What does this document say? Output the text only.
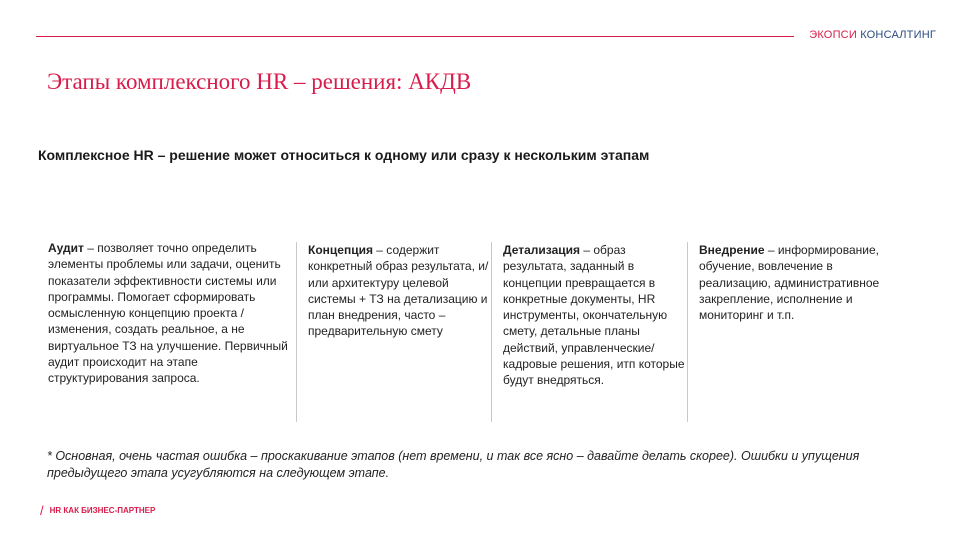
ЭКОПСИ КОНСАЛТИНГ
Этапы комплексного HR – решения: АКДВ

Комплексное HR – решение может относиться к одному или сразу к нескольким этапам

Аудит – позволяет точно определить элементы проблемы или задачи, оценить показатели эффективности системы или программы. Помогает сформировать осмысленную концепцию проекта / изменения, создать реальное, а не виртуальное ТЗ на улучшение. Первичный аудит происходит на этапе структурирования запроса.
Концепция – содержит конкретный образ результата, и/или архитектуру целевой системы + ТЗ на детализацию и план внедрения, часто – предварительную смету
Детализация – образ результата, заданный в концепции превращается в конкретные документы, HR инструменты, окончательную смету, детальные планы действий, управленческие/ кадровые решения, итп которые будут внедряться.
Внедрение – информирование, обучение, вовлечение в реализацию, административное закрепление, исполнение и мониторинг и т.п.

* Основная, очень частая ошибка – проскакивание этапов (нет времени, и так все ясно – давайте делать скорее). Ошибки и упущения предыдущего этапа усугубляются на следующем этапе.

/ HR КАК БИЗНЕС-ПАРТНЕР
